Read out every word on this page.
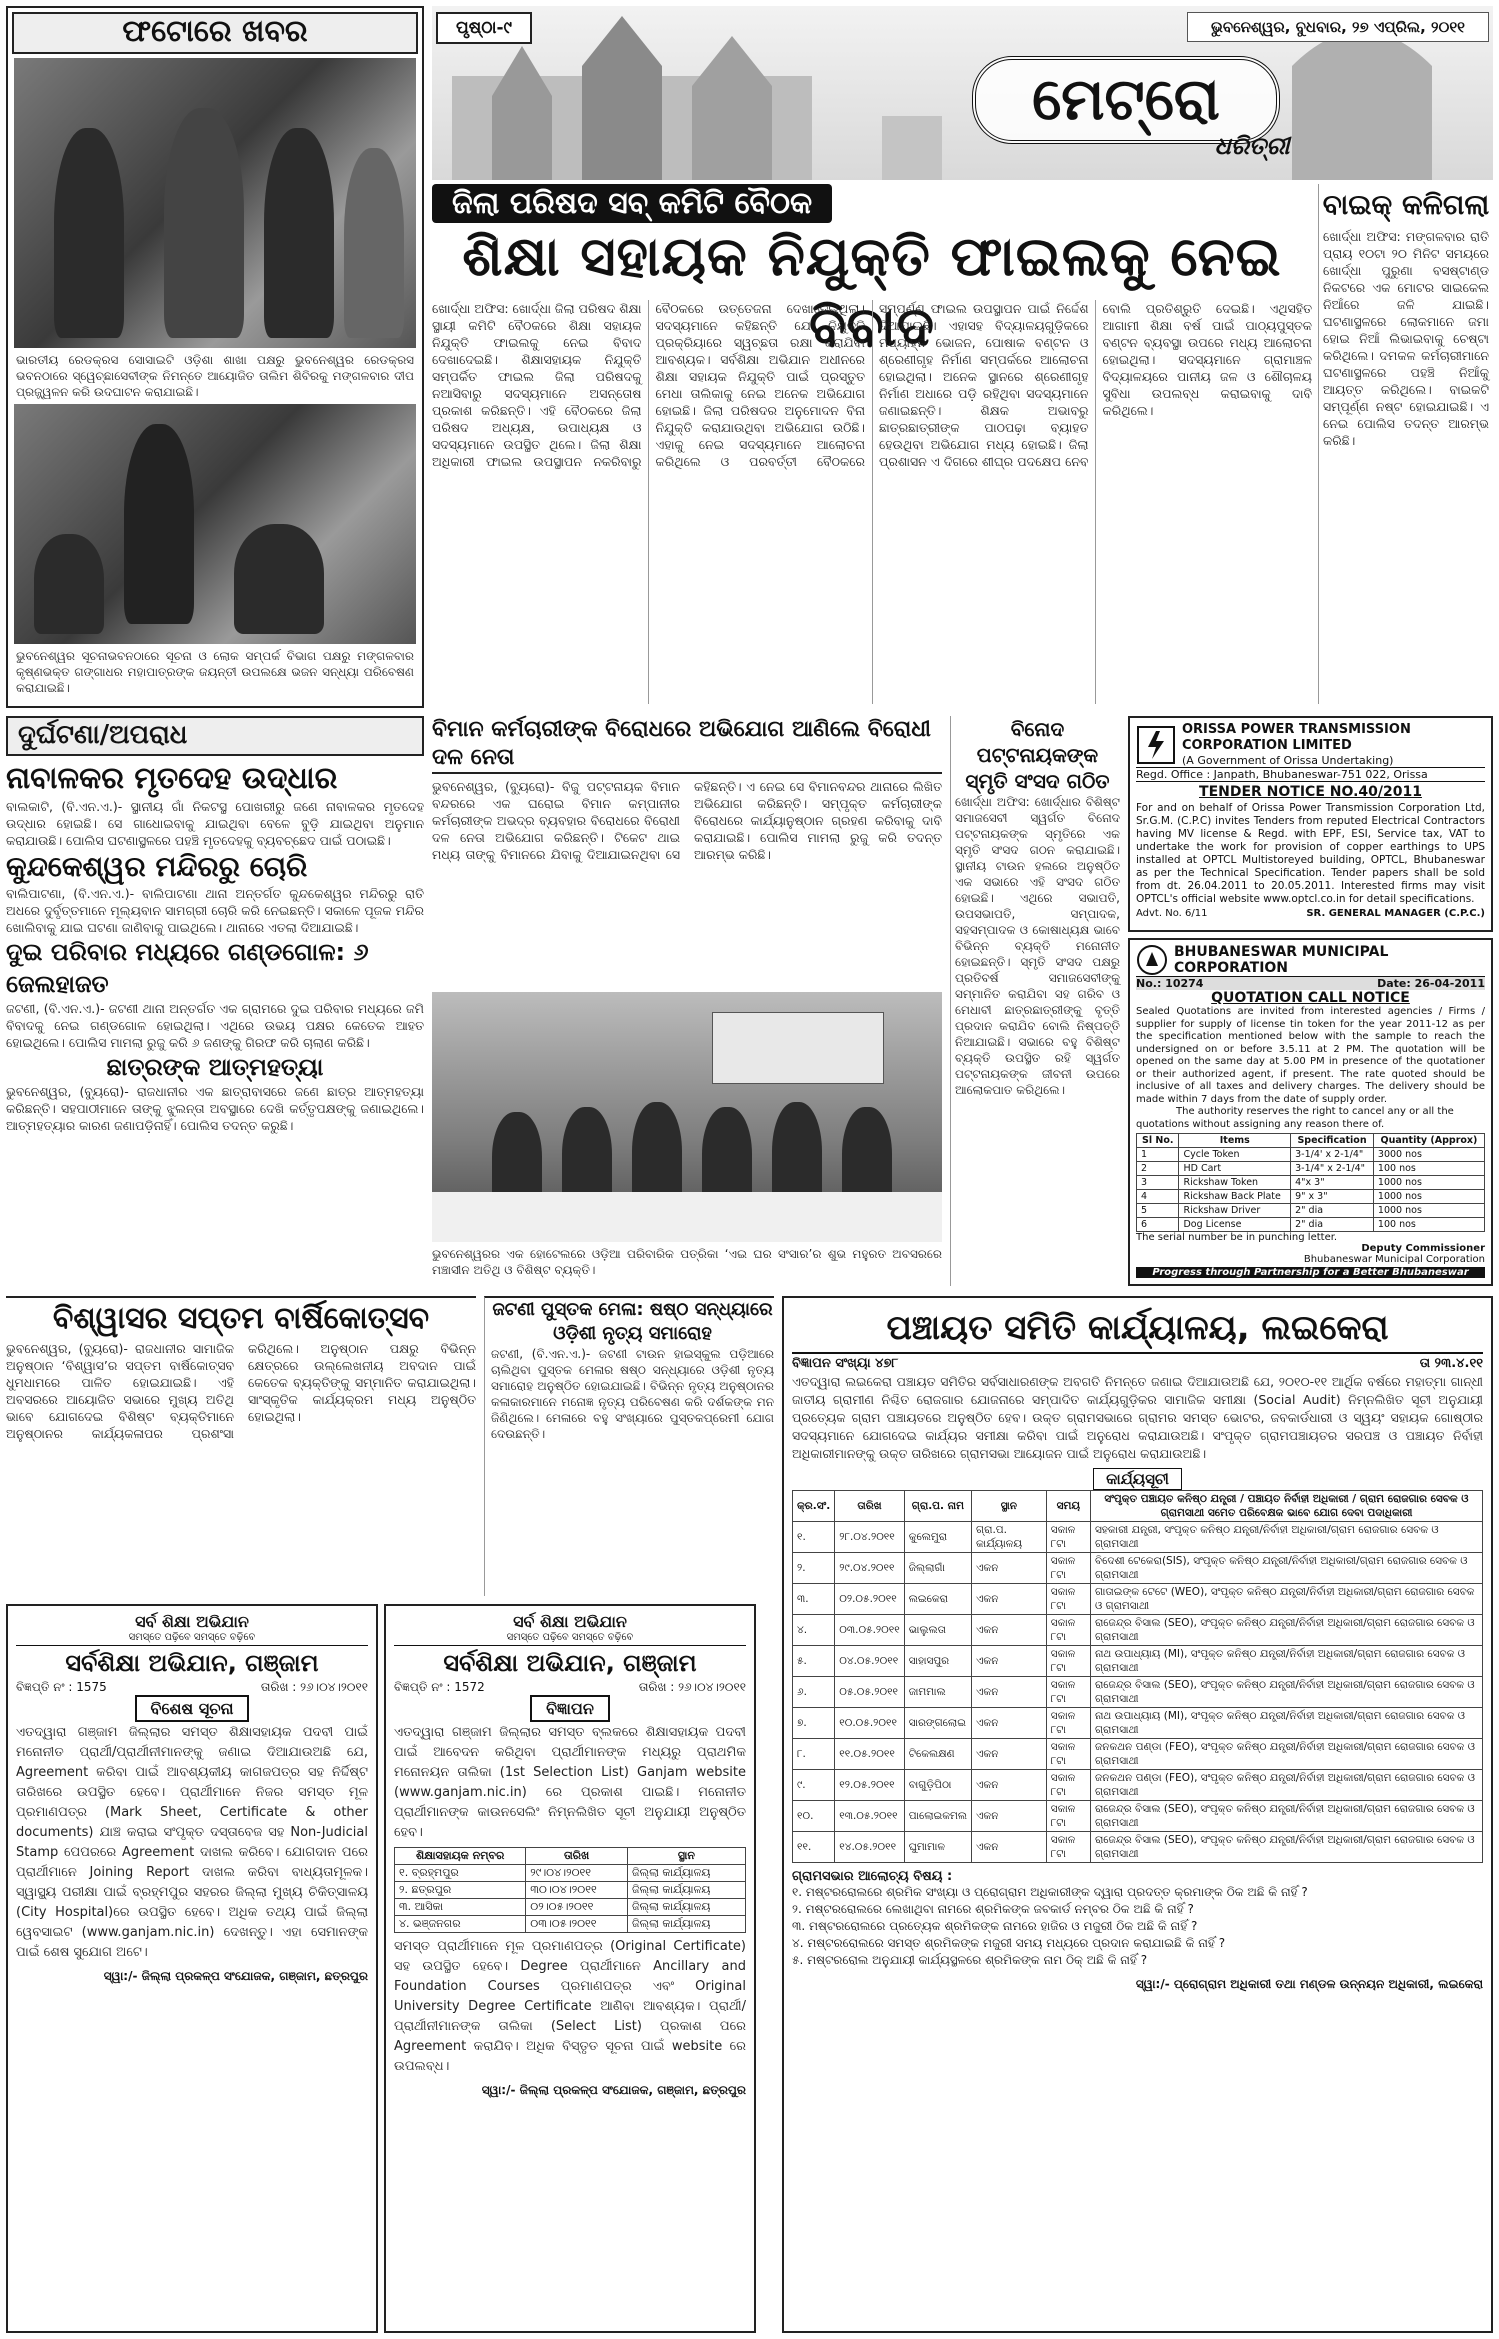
ଫଟୋରେ ଖବର
ଭାରତୀୟ ରେଡକ୍ରସ ସୋସାଇଟି ଓଡ଼ିଶା ଶାଖା ପକ୍ଷରୁ ଭୁବନେଶ୍ୱର ରେଡକ୍ରସ ଭବନଠାରେ ସ୍ୱେଚ୍ଛାସେବୀଙ୍କ ନିମନ୍ତେ ଆୟୋଜିତ ତାଲିମ ଶିବିରକୁ ମଙ୍ଗଳବାର ଦୀପ ପ୍ରଜ୍ଜ୍ୱଳନ କରି ଉଦଘାଟନ କରାଯାଇଛି।
ଭୁବନେଶ୍ୱର ସୂଚନାଭବନଠାରେ ସୂଚନା ଓ ଲୋକ ସମ୍ପର୍କ ବିଭାଗ ପକ୍ଷରୁ ମଙ୍ଗଳବାର କୃଷ୍ଣଭକ୍ତ ଗଙ୍ଗାଧର ମହାପାତ୍ରଙ୍କ ଜୟନ୍ତୀ ଉପଲକ୍ଷେ ଭଜନ ସନ୍ଧ୍ୟା ପରିବେଷଣ କରାଯାଇଛି।
ପୃଷ୍ଠା-୯	ଭୁବନେଶ୍ୱର, ବୁଧବାର, ୨୭ ଏପ୍ରିଲ, ୨୦୧୧
ମେଟ୍ରୋ
ଧରିତ୍ରୀ
ଜିଲା ପରିଷଦ ସବ୍ କମିଟି ବୈଠକ
ଶିକ୍ଷା ସହାୟକ ନିଯୁକ୍ତି ଫାଇଲକୁ ନେଇ ବିବାଦ
ଖୋର୍ଦ୍ଧା ଅଫିସ: ଖୋର୍ଦ୍ଧା ଜିଲା ପରିଷଦ ଶିକ୍ଷା ସ୍ଥାୟୀ କମିଟି ବୈଠକରେ ଶିକ୍ଷା ସହାୟକ ନିଯୁକ୍ତି ଫାଇଲକୁ ନେଇ ବିବାଦ ଦେଖାଦେଇଛି। ଶିକ୍ଷାସହାୟକ ନିଯୁକ୍ତି ସମ୍ପର୍କିତ ଫାଇଲ ଜିଲା ପରିଷଦକୁ ନଆସିବାରୁ ସଦସ୍ୟମାନେ ଅସନ୍ତୋଷ ପ୍ରକାଶ କରିଛନ୍ତି। ଏହି ବୈଠକରେ ଜିଲା ପରିଷଦ ଅଧ୍ୟକ୍ଷ, ଉପାଧ୍ୟକ୍ଷ ଓ ସଦସ୍ୟମାନେ ଉପସ୍ଥିତ ଥିଲେ। ଜିଲା ଶିକ୍ଷା ଅଧିକାରୀ ଫାଇଲ ଉପସ୍ଥାପନ ନକରିବାରୁ ବୈଠକରେ ଉତ୍ତେଜନା ଦେଖାଦେଇଥିଲା। ସଦସ୍ୟମାନେ କହିଛନ୍ତି ଯେ ନିଯୁକ୍ତି ପ୍ରକ୍ରିୟାରେ ସ୍ୱଚ୍ଛତା ରକ୍ଷା କରାଯିବା ଆବଶ୍ୟକ। ସର୍ବଶିକ୍ଷା ଅଭିଯାନ ଅଧୀନରେ ଶିକ୍ଷା ସହାୟକ ନିଯୁକ୍ତି ପାଇଁ ପ୍ରସ୍ତୁତ ମେଧା ତାଲିକାକୁ ନେଇ ଅନେକ ଅଭିଯୋଗ ହୋଇଛି। ଜିଲା ପରିଷଦର ଅନୁମୋଦନ ବିନା ନିଯୁକ୍ତି କରାଯାଉଥିବା ଅଭିଯୋଗ ଉଠିଛି। ଏହାକୁ ନେଇ ସଦସ୍ୟମାନେ ଆଲୋଚନା କରିଥିଲେ ଓ ପରବର୍ତ୍ତୀ ବୈଠକରେ ସମ୍ପୂର୍ଣ୍ଣ ଫାଇଲ ଉପସ୍ଥାପନ ପାଇଁ ନିର୍ଦ୍ଦେଶ ଦିଆଯାଇଛି। ଏହାସହ ବିଦ୍ୟାଳୟଗୁଡ଼ିକରେ ମଧ୍ୟାହ୍ନ ଭୋଜନ, ପୋଷାକ ବଣ୍ଟନ ଓ ଶ୍ରେଣୀଗୃହ ନିର୍ମାଣ ସମ୍ପର୍କରେ ଆଲୋଚନା ହୋଇଥିଲା। ଅନେକ ସ୍ଥାନରେ ଶ୍ରେଣୀଗୃହ ନିର୍ମାଣ ଅଧାରେ ପଡ଼ି ରହିଥିବା ସଦସ୍ୟମାନେ ଜଣାଇଛନ୍ତି। ଶିକ୍ଷକ ଅଭାବରୁ ଛାତ୍ରଛାତ୍ରୀଙ୍କ ପାଠପଢ଼ା ବ୍ୟାହତ ହେଉଥିବା ଅଭିଯୋଗ ମଧ୍ୟ ହୋଇଛି। ଜିଲା ପ୍ରଶାସନ ଏ ଦିଗରେ ଶୀଘ୍ର ପଦକ୍ଷେପ ନେବ ବୋଲି ପ୍ରତିଶ୍ରୁତି ଦେଇଛି। ଏଥିସହିତ ଆଗାମୀ ଶିକ୍ଷା ବର୍ଷ ପାଇଁ ପାଠ୍ୟପୁସ୍ତକ ବଣ୍ଟନ ବ୍ୟବସ୍ଥା ଉପରେ ମଧ୍ୟ ଆଲୋଚନା ହୋଇଥିଲା। ସଦସ୍ୟମାନେ ଗ୍ରାମାଞ୍ଚଳ ବିଦ୍ୟାଳୟରେ ପାନୀୟ ଜଳ ଓ ଶୌଚାଳୟ ସୁବିଧା ଉପଲବ୍ଧ କରାଇବାକୁ ଦାବି କରିଥିଲେ।
ବାଇକ୍ କଳିଗଲା
ଖୋର୍ଦ୍ଧା ଅଫିସ: ମଙ୍ଗଳବାର ରାତି ପ୍ରାୟ ୧୦ଟା ୨୦ ମିନିଟ ସମୟରେ ଖୋର୍ଦ୍ଧା ପୁରୁଣା ବସଷ୍ଟାଣ୍ଡ ନିକଟରେ ଏକ ମୋଟର ସାଇକେଲ ନିଆଁରେ ଜଳି ଯାଇଛି। ଘଟଣାସ୍ଥଳରେ ଲୋକମାନେ ଜମା ହୋଇ ନିଆଁ ଲିଭାଇବାକୁ ଚେଷ୍ଟା କରିଥିଲେ। ଦମକଳ କର୍ମଚାରୀମାନେ ଘଟଣାସ୍ଥଳରେ ପହଞ୍ଚି ନିଆଁକୁ ଆୟତ୍ତ କରିଥିଲେ। ବାଇକଟି ସମ୍ପୂର୍ଣ୍ଣ ନଷ୍ଟ ହୋଇଯାଇଛି। ଏ ନେଇ ପୋଲିସ ତଦନ୍ତ ଆରମ୍ଭ କରିଛି।
ଦୁର୍ଘଟଣା/ଅପରାଧ
ନାବାଳକର ମୃତଦେହ ଉଦ୍ଧାର
ବାଲକାଟି, (ବି.ଏନ.ଏ.)- ସ୍ଥାନୀୟ ଗାଁ ନିକଟସ୍ଥ ପୋଖରୀରୁ ଜଣେ ନାବାଳକର ମୃତଦେହ ଉଦ୍ଧାର ହୋଇଛି। ସେ ଗାଧୋଇବାକୁ ଯାଇଥିବା ବେଳେ ବୁଡ଼ି ଯାଇଥିବା ଅନୁମାନ କରାଯାଉଛି। ପୋଲିସ ଘଟଣାସ୍ଥଳରେ ପହଞ୍ଚି ମୃତଦେହକୁ ବ୍ୟବଚ୍ଛେଦ ପାଇଁ ପଠାଇଛି।
କୁନ୍ଦକେଶ୍ୱର ମନ୍ଦିରରୁ ଚୋରି
ବାଲିପାଟଣା, (ବି.ଏନ.ଏ.)- ବାଲିପାଟଣା ଥାନା ଅନ୍ତର୍ଗତ କୁନ୍ଦକେଶ୍ୱର ମନ୍ଦିରରୁ ରାତି ଅଧରେ ଦୁର୍ବୃତ୍ତମାନେ ମୂଲ୍ୟବାନ ସାମଗ୍ରୀ ଚୋରି କରି ନେଇଛନ୍ତି। ସକାଳେ ପୂଜକ ମନ୍ଦିର ଖୋଲିବାକୁ ଯାଇ ଘଟଣା ଜାଣିବାକୁ ପାଇଥିଲେ। ଥାନାରେ ଏତଲା ଦିଆଯାଇଛି।
ଦୁଇ ପରିବାର ମଧ୍ୟରେ ଗଣ୍ଡଗୋଳ: ୬ ଜେଲହାଜତ
ଜଟଣୀ, (ବି.ଏନ.ଏ.)- ଜଟଣୀ ଥାନା ଅନ୍ତର୍ଗତ ଏକ ଗ୍ରାମରେ ଦୁଇ ପରିବାର ମଧ୍ୟରେ ଜମି ବିବାଦକୁ ନେଇ ଗଣ୍ଡଗୋଳ ହୋଇଥିଲା। ଏଥିରେ ଉଭୟ ପକ୍ଷର କେତେକ ଆହତ ହୋଇଥିଲେ। ପୋଲିସ ମାମଲା ରୁଜୁ କରି ୬ ଜଣଙ୍କୁ ଗିରଫ କରି ଚାଲାଣ କରିଛି।
ଛାତ୍ରଙ୍କ ଆତ୍ମହତ୍ୟା
ଭୁବନେଶ୍ୱର, (ବୁ୍ୟରୋ)- ରାଜଧାନୀର ଏକ ଛାତ୍ରାବାସରେ ଜଣେ ଛାତ୍ର ଆତ୍ମହତ୍ୟା କରିଛନ୍ତି। ସହପାଠୀମାନେ ତାଙ୍କୁ ଝୁଲନ୍ତା ଅବସ୍ଥାରେ ଦେଖି କର୍ତ୍ତୃପକ୍ଷଙ୍କୁ ଜଣାଇଥିଲେ। ଆତ୍ମହତ୍ୟାର କାରଣ ଜଣାପଡ଼ିନାହିଁ। ପୋଲିସ ତଦନ୍ତ କରୁଛି।
ବିମାନ କର୍ମଚାରୀଙ୍କ ବିରୋଧରେ ଅଭିଯୋଗ ଆଣିଲେ ବିରୋଧୀ ଦଳ ନେତା
ଭୁବନେଶ୍ୱର, (ବୁ୍ୟରୋ)- ବିଜୁ ପଟ୍ଟନାୟକ ବିମାନ ବନ୍ଦରରେ ଏକ ଘରୋଇ ବିମାନ କମ୍ପାନୀର କର୍ମଚାରୀଙ୍କ ଅଭଦ୍ର ବ୍ୟବହାର ବିରୋଧରେ ବିରୋଧୀ ଦଳ ନେତା ଅଭିଯୋଗ କରିଛନ୍ତି। ଟିକେଟ ଥାଇ ମଧ୍ୟ ତାଙ୍କୁ ବିମାନରେ ଯିବାକୁ ଦିଆଯାଇନଥିବା ସେ କହିଛନ୍ତି। ଏ ନେଇ ସେ ବିମାନବନ୍ଦର ଥାନାରେ ଲିଖିତ ଅଭିଯୋଗ କରିଛନ୍ତି। ସମ୍ପୃକ୍ତ କର୍ମଚାରୀଙ୍କ ବିରୋଧରେ କାର୍ଯ୍ୟାନୁଷ୍ଠାନ ଗ୍ରହଣ କରିବାକୁ ଦାବି କରାଯାଇଛି। ପୋଲିସ ମାମଲା ରୁଜୁ କରି ତଦନ୍ତ ଆରମ୍ଭ କରିଛି।
ଭୁବନେଶ୍ୱରର ଏକ ହୋଟେଲରେ ଓଡ଼ିଆ ପରିବାରିକ ପତ୍ରିକା ‘ଏଇ ଘର ସଂସାର’ର ଶୁଭ ମହୁରତ ଅବସରରେ ମଞ୍ଚାସୀନ ଅତିଥି ଓ ବିଶିଷ୍ଟ ବ୍ୟକ୍ତି।
ବିନୋଦ ପଟ୍ଟନାୟକଙ୍କ ସ୍ମୃତି ସଂସଦ ଗଠିତ
ଖୋର୍ଦ୍ଧା ଅଫିସ: ଖୋର୍ଦ୍ଧାର ବିଶିଷ୍ଟ ସମାଜସେବୀ ସ୍ୱର୍ଗତ ବିନୋଦ ପଟ୍ଟନାୟକଙ୍କ ସ୍ମୃତିରେ ଏକ ସ୍ମୃତି ସଂସଦ ଗଠନ କରାଯାଇଛି। ସ୍ଥାନୀୟ ଟାଉନ ହଲରେ ଅନୁଷ୍ଠିତ ଏକ ସଭାରେ ଏହି ସଂସଦ ଗଠିତ ହୋଇଛି। ଏଥିରେ ସଭାପତି, ଉପସଭାପତି, ସମ୍ପାଦକ, ସହସମ୍ପାଦକ ଓ କୋଷାଧ୍ୟକ୍ଷ ଭାବେ ବିଭିନ୍ନ ବ୍ୟକ୍ତି ମନୋନୀତ ହୋଇଛନ୍ତି। ସ୍ମୃତି ସଂସଦ ପକ୍ଷରୁ ପ୍ରତିବର୍ଷ ସମାଜସେବୀଙ୍କୁ ସମ୍ମାନିତ କରାଯିବା ସହ ଗରିବ ଓ ମେଧାବୀ ଛାତ୍ରଛାତ୍ରୀଙ୍କୁ ବୃତ୍ତି ପ୍ରଦାନ କରାଯିବ ବୋଲି ନିଷ୍ପତ୍ତି ନିଆଯାଇଛି। ସଭାରେ ବହୁ ବିଶିଷ୍ଟ ବ୍ୟକ୍ତି ଉପସ୍ଥିତ ରହି ସ୍ୱର୍ଗତ ପଟ୍ଟନାୟକଙ୍କ ଜୀବନୀ ଉପରେ ଆଲୋକପାତ କରିଥିଲେ।
ORISSA POWER TRANSMISSION CORPORATION LIMITED
(A Government of Orissa Undertaking)
Regd. Office : Janpath, Bhubaneswar-751 022, Orissa
TENDER NOTICE NO.40/2011
For and on behalf of Orissa Power Transmission Corporation Ltd, Sr.G.M. (C.P.C) invites Tenders from reputed Electrical Contractors having MV license & Regd. with EPF, ESI, Service tax, VAT to undertake the work for provision of copper earthings to UPS installed at OPTCL Multistoreyed building, OPTCL, Bhubaneswar as per the Technical Specification. Tender papers shall be sold from dt. 26.04.2011 to 20.05.2011. Interested firms may visit OPTCL's official website www.optcl.co.in for detail specifications.
Advt. No. 6/11	SR. GENERAL MANAGER (C.P.C.)
BHUBANESWAR MUNICIPAL CORPORATION
No.: 10274	Date: 26-04-2011
QUOTATION CALL NOTICE
Sealed Quotations are invited from interested agencies / Firms / supplier for supply of license tin token for the year 2011-12 as per the specification mentioned below with the sample to reach the undersigned on or before 3.5.11 at 2 PM. The quotation will be opened on the same day at 5.00 PM in presence of the quotationer or their authorized agent, if present. The rate quoted should be inclusive of all taxes and delivery charges. The delivery should be made within 7 days from the date of supply order.
The authority reserves the right to cancel any or all the quotations without assigning any reason there of.
Sl No.	Items	Specification	Quantity (Approx)
1	Cycle Token	3-1/4' x 2-1/4"	3000 nos
2	HD Cart	3-1/4" x 2-1/4"	100 nos
3	Rickshaw Token	4"x 3"	1000 nos
4	Rickshaw Back Plate	9" x 3"	1000 nos
5	Rickshaw Driver	2" dia	1000 nos
6	Dog License	2" dia	100 nos
The serial number be in punching letter.
Deputy Commissioner
Bhubaneswar Municipal Corporation
Progress through Partnership for a Better Bhubaneswar
ବିଶ୍ୱାସର ସପ୍ତମ ବାର୍ଷିକୋତ୍ସବ
ଭୁବନେଶ୍ୱର, (ବୁ୍ୟରୋ)- ରାଜଧାନୀର ସାମାଜିକ ଅନୁଷ୍ଠାନ ‘ବିଶ୍ୱାସ’ର ସପ୍ତମ ବାର୍ଷିକୋତ୍ସବ ଧୁମଧାମରେ ପାଳିତ ହୋଇଯାଇଛି। ଏହି ଅବସରରେ ଆୟୋଜିତ ସଭାରେ ମୁଖ୍ୟ ଅତିଥି ଭାବେ ଯୋଗଦେଇ ବିଶିଷ୍ଟ ବ୍ୟକ୍ତିମାନେ ଅନୁଷ୍ଠାନର କାର୍ଯ୍ୟକଳାପର ପ୍ରଶଂସା କରିଥିଲେ। ଅନୁଷ୍ଠାନ ପକ୍ଷରୁ ବିଭିନ୍ନ କ୍ଷେତ୍ରରେ ଉଲ୍ଲେଖନୀୟ ଅବଦାନ ପାଇଁ କେତେକ ବ୍ୟକ୍ତିଙ୍କୁ ସମ୍ମାନିତ କରାଯାଇଥିଲା। ସାଂସ୍କୃତିକ କାର୍ଯ୍ୟକ୍ରମ ମଧ୍ୟ ଅନୁଷ୍ଠିତ ହୋଇଥିଲା।
ଜଟଣୀ ପୁସ୍ତକ ମେଳା: ଷଷ୍ଠ ସନ୍ଧ୍ୟାରେ ଓଡ଼ିଶୀ ନୃତ୍ୟ ସମାରୋହ
ଜଟଣୀ, (ବି.ଏନ.ଏ.)- ଜଟଣୀ ଟାଉନ ହାଇସ୍କୁଲ ପଡ଼ିଆରେ ଚାଲିଥିବା ପୁସ୍ତକ ମେଳାର ଷଷ୍ଠ ସନ୍ଧ୍ୟାରେ ଓଡ଼ିଶୀ ନୃତ୍ୟ ସମାରୋହ ଅନୁଷ୍ଠିତ ହୋଇଯାଇଛି। ବିଭିନ୍ନ ନୃତ୍ୟ ଅନୁଷ୍ଠାନର କଳାକାରମାନେ ମନୋଜ୍ଞ ନୃତ୍ୟ ପରିବେଷଣ କରି ଦର୍ଶକଙ୍କ ମନ ଜିଣିଥିଲେ। ମେଳାରେ ବହୁ ସଂଖ୍ୟାରେ ପୁସ୍ତକପ୍ରେମୀ ଯୋଗ ଦେଉଛନ୍ତି।
ସର୍ବ ଶିକ୍ଷା ଅଭିଯାନ
ସମସ୍ତେ ପଢ଼ିବେ ସମସ୍ତେ ବଢ଼ିବେ
ସର୍ବଶିକ୍ଷା ଅଭିଯାନ, ଗଞ୍ଜାମ
ବିଜ୍ଞପ୍ତି ନଂ : 1575	ତାରିଖ : ୨୬।୦୪।୨୦୧୧
ବିଶେଷ ସୂଚନା
ଏତଦ୍ୱାରା ଗଞ୍ଜାମ ଜିଲ୍ଲାର ସମସ୍ତ ଶିକ୍ଷାସହାୟକ ପଦବୀ ପାଇଁ ମନୋନୀତ ପ୍ରାର୍ଥୀ/ପ୍ରାର୍ଥୀନୀମାନଙ୍କୁ ଜଣାଇ ଦିଆଯାଉଅଛି ଯେ, Agreement କରିବା ପାଇଁ ଆବଶ୍ୟକୀୟ କାଗଜପତ୍ର ସହ ନିର୍ଦ୍ଦିଷ୍ଟ ତାରିଖରେ ଉପସ୍ଥିତ ହେବେ। ପ୍ରାର୍ଥୀମାନେ ନିଜର ସମସ୍ତ ମୂଳ ପ୍ରମାଣପତ୍ର (Mark Sheet, Certificate & other documents) ଯାଞ୍ଚ କରାଇ ସଂପୃକ୍ତ ଦସ୍ତାବେଜ ସହ Non-Judicial Stamp ପେପରରେ Agreement ଦାଖଲ କରିବେ। ଯୋଗଦାନ ପରେ ପ୍ରାର୍ଥୀମାନେ Joining Report ଦାଖଲ କରିବା ବାଧ୍ୟତାମୂଳକ। ସ୍ୱାସ୍ଥ୍ୟ ପରୀକ୍ଷା ପାଇଁ ବ୍ରହ୍ମପୁର ସହରର ଜିଲ୍ଲା ମୁଖ୍ୟ ଚିକିତ୍ସାଳୟ (City Hospital)ରେ ଉପସ୍ଥିତ ହେବେ। ଅଧିକ ତଥ୍ୟ ପାଇଁ ଜିଲ୍ଲା ୱେବସାଇଟ (www.ganjam.nic.in) ଦେଖନ୍ତୁ। ଏହା ସେମାନଙ୍କ ପାଇଁ ଶେଷ ସୁଯୋଗ ଅଟେ।
ସ୍ୱା:/- ଜିଲ୍ଲା ପ୍ରକଳ୍ପ ସଂଯୋଜକ, ଗଞ୍ଜାମ, ଛତ୍ରପୁର
ସର୍ବ ଶିକ୍ଷା ଅଭିଯାନ
ସମସ୍ତେ ପଢ଼ିବେ ସମସ୍ତେ ବଢ଼ିବେ
ସର୍ବଶିକ୍ଷା ଅଭିଯାନ, ଗଞ୍ଜାମ
ବିଜ୍ଞପ୍ତି ନଂ : 1572	ତାରିଖ : ୨୬।୦୪।୨୦୧୧
ବିଜ୍ଞାପନ
ଏତଦ୍ୱାରା ଗଞ୍ଜାମ ଜିଲ୍ଲାର ସମସ୍ତ ବ୍ଲକରେ ଶିକ୍ଷାସହାୟକ ପଦବୀ ପାଇଁ ଆବେଦନ କରିଥିବା ପ୍ରାର୍ଥୀମାନଙ୍କ ମଧ୍ୟରୁ ପ୍ରାଥମିକ ମନୋନୟନ ତାଲିକା (1st Selection List) Ganjam website (www.ganjam.nic.in) ରେ ପ୍ରକାଶ ପାଇଛି। ମନୋନୀତ ପ୍ରାର୍ଥୀମାନଙ୍କ କାଉନସେଲିଂ ନିମ୍ନଲିଖିତ ସୂଚୀ ଅନୁଯାୟୀ ଅନୁଷ୍ଠିତ ହେବ।
ଶିକ୍ଷାସହାୟକ ନମ୍ବର	ତାରିଖ	ସ୍ଥାନ
୧. ବ୍ରହ୍ମପୁର	୨୯।୦୪।୨୦୧୧	ଜିଲ୍ଲା କାର୍ଯ୍ୟାଳୟ
୨. ଛତ୍ରପୁର	୩୦।୦୪।୨୦୧୧	ଜିଲ୍ଲା କାର୍ଯ୍ୟାଳୟ
୩. ଆସିକା	୦୨।୦୫।୨୦୧୧	ଜିଲ୍ଲା କାର୍ଯ୍ୟାଳୟ
୪. ଭଞ୍ଜନଗର	୦୩।୦୫।୨୦୧୧	ଜିଲ୍ଲା କାର୍ଯ୍ୟାଳୟ
ସମସ୍ତ ପ୍ରାର୍ଥୀମାନେ ମୂଳ ପ୍ରମାଣପତ୍ର (Original Certificate) ସହ ଉପସ୍ଥିତ ହେବେ। Degree ପ୍ରାର୍ଥୀମାନେ Ancillary and Foundation Courses ପ୍ରମାଣପତ୍ର ଏବଂ Original University Degree Certificate ଆଣିବା ଆବଶ୍ୟକ। ପ୍ରାର୍ଥୀ/ପ୍ରାର୍ଥୀନୀମାନଙ୍କ ତାଲିକା (Select List) ପ୍ରକାଶ ପରେ Agreement କରାଯିବ। ଅଧିକ ବିସ୍ତୃତ ସୂଚନା ପାଇଁ website ରେ ଉପଲବ୍ଧ।
ସ୍ୱା:/- ଜିଲ୍ଲା ପ୍ରକଳ୍ପ ସଂଯୋଜକ, ଗଞ୍ଜାମ, ଛତ୍ରପୁର
ପଞ୍ଚାୟତ ସମିତି କାର୍ଯ୍ୟାଳୟ, ଲଇକେରା
ବିଜ୍ଞାପନ ସଂଖ୍ୟା ୪୭୮	ତା ୨୩.୪.୧୧
ଏତଦ୍ୱାରା ଲଇକେରା ପଞ୍ଚାୟତ ସମିତିର ସର୍ବସାଧାରଣଙ୍କ ଅବଗତି ନିମନ୍ତେ ଜଣାଇ ଦିଆଯାଉଅଛି ଯେ, ୨୦୧୦-୧୧ ଆର୍ଥିକ ବର୍ଷରେ ମହାତ୍ମା ଗାନ୍ଧୀ ଜାତୀୟ ଗ୍ରାମୀଣ ନିଶ୍ଚିତ ରୋଜଗାର ଯୋଜନାରେ ସମ୍ପାଦିତ କାର୍ଯ୍ୟଗୁଡ଼ିକର ସାମାଜିକ ସମୀକ୍ଷା (Social Audit) ନିମ୍ନଲିଖିତ ସୂଚୀ ଅନୁଯାୟୀ ପ୍ରତ୍ୟେକ ଗ୍ରାମ ପଞ୍ଚାୟତରେ ଅନୁଷ୍ଠିତ ହେବ। ଉକ୍ତ ଗ୍ରାମସଭାରେ ଗ୍ରାମର ସମସ୍ତ ଭୋଟର, ଜବକାର୍ଡଧାରୀ ଓ ସ୍ୱୟଂ ସହାୟକ ଗୋଷ୍ଠୀର ସଦସ୍ୟମାନେ ଯୋଗଦେଇ କାର୍ଯ୍ୟର ସମୀକ୍ଷା କରିବା ପାଇଁ ଅନୁରୋଧ କରାଯାଉଅଛି। ସଂପୃକ୍ତ ଗ୍ରାମପଞ୍ଚାୟତର ସରପଞ୍ଚ ଓ ପଞ୍ଚାୟତ ନିର୍ବାହୀ ଅଧିକାରୀମାନଙ୍କୁ ଉକ୍ତ ତାରିଖରେ ଗ୍ରାମସଭା ଆୟୋଜନ ପାଇଁ ଅନୁରୋଧ କରାଯାଉଅଛି।
କାର୍ଯ୍ୟସୂଚୀ
କ୍ର.ସଂ.	ତାରିଖ	ଗ୍ରା.ପ. ନାମ	ସ୍ଥାନ	ସମୟ	ସଂପୃକ୍ତ ପଞ୍ଚାୟତ କନିଷ୍ଠ ଯନ୍ତ୍ରୀ / ପଞ୍ଚାୟତ ନିର୍ବାହୀ ଅଧିକାରୀ / ଗ୍ରାମ ରୋଜଗାର ସେବକ ଓ ଗ୍ରାମସାଥୀ ସମେତ ପରିବେକ୍ଷକ ଭାବେ ଯୋଗ ଦେବା ପଦାଧିକାରୀ
୧.	୨୮.୦୪.୨୦୧୧	କୁଲେମୁରା	ଗ୍ରା.ପ. କାର୍ଯ୍ୟାଳୟ	ସକାଳ ୮ଟା	ସହକାରୀ ଯନ୍ତ୍ରୀ, ସଂପୃକ୍ତ କନିଷ୍ଠ ଯନ୍ତ୍ରୀ/ନିର୍ବାହୀ ଅଧିକାରୀ/ଗ୍ରାମ ରୋଜଗାର ସେବକ ଓ ଗ୍ରାମସାଥୀ
୨.	୨୯.୦୪.୨୦୧୧	ଜିଲ୍ଲାଗାଁ	ଏକନ	ସକାଳ ୮ଟା	ବିଦେଶୀ ଟେକେରା(SIS), ସଂପୃକ୍ତ କନିଷ୍ଠ ଯନ୍ତ୍ରୀ/ନିର୍ବାହୀ ଅଧିକାରୀ/ଗ୍ରାମ ରୋଜଗାର ସେବକ ଓ ଗ୍ରାମସାଥୀ
୩.	୦୨.୦୫.୨୦୧୧	ଲଇକେରା	ଏକନ	ସକାଳ ୮ଟା	ଗାତାଇଙ୍କ ଟେଟେ (WEO), ସଂପୃକ୍ତ କନିଷ୍ଠ ଯନ୍ତ୍ରୀ/ନିର୍ବାହୀ ଅଧିକାରୀ/ଗ୍ରାମ ରୋଜଗାର ସେବକ ଓ ଗ୍ରାମସାଥୀ
୪.	୦୩.୦୫.୨୦୧୧	ଭାଲୁଲତା	ଏକନ	ସକାଳ ୮ଟା	ରାଜେନ୍ଦ୍ର ବିସାଲ (SEO), ସଂପୃକ୍ତ କନିଷ୍ଠ ଯନ୍ତ୍ରୀ/ନିର୍ବାହୀ ଅଧିକାରୀ/ଗ୍ରାମ ରୋଜଗାର ସେବକ ଓ ଗ୍ରାମସାଥୀ
୫.	୦୪.୦୫.୨୦୧୧	ସାହାସପୁର	ଏକନ	ସକାଳ ୮ଟା	ନାଥ ଉପାଧ୍ୟାୟ (MI), ସଂପୃକ୍ତ କନିଷ୍ଠ ଯନ୍ତ୍ରୀ/ନିର୍ବାହୀ ଅଧିକାରୀ/ଗ୍ରାମ ରୋଜଗାର ସେବକ ଓ ଗ୍ରାମସାଥୀ
୬.	୦୫.୦୫.୨୦୧୧	ଜାମମାଲ	ଏକନ	ସକାଳ ୮ଟା	ରାଜେନ୍ଦ୍ର ବିସାଲ (SEO), ସଂପୃକ୍ତ କନିଷ୍ଠ ଯନ୍ତ୍ରୀ/ନିର୍ବାହୀ ଅଧିକାରୀ/ଗ୍ରାମ ରୋଜଗାର ସେବକ ଓ ଗ୍ରାମସାଥୀ
୭.	୧୦.୦୫.୨୦୧୧	ସାରଙ୍ଗଲୋଇ	ଏକନ	ସକାଳ ୮ଟା	ନାଥ ଉପାଧ୍ୟାୟ (MI), ସଂପୃକ୍ତ କନିଷ୍ଠ ଯନ୍ତ୍ରୀ/ନିର୍ବାହୀ ଅଧିକାରୀ/ଗ୍ରାମ ରୋଜଗାର ସେବକ ଓ ଗ୍ରାମସାଥୀ
୮.	୧୧.୦୫.୨୦୧୧	ଟିକେଲକ୍ଷଣ	ଏକନ	ସକାଳ ୮ଟା	ଜନକଥନ ପଣ୍ଡା (FEO), ସଂପୃକ୍ତ କନିଷ୍ଠ ଯନ୍ତ୍ରୀ/ନିର୍ବାହୀ ଅଧିକାରୀ/ଗ୍ରାମ ରୋଜଗାର ସେବକ ଓ ଗ୍ରାମସାଥୀ
୯.	୧୨.୦୫.୨୦୧୧	ବାଗୁଡ଼ିପିଠା	ଏକନ	ସକାଳ ୮ଟା	ଜନକଥନ ପଣ୍ଡା (FEO), ସଂପୃକ୍ତ କନିଷ୍ଠ ଯନ୍ତ୍ରୀ/ନିର୍ବାହୀ ଅଧିକାରୀ/ଗ୍ରାମ ରୋଜଗାର ସେବକ ଓ ଗ୍ରାମସାଥୀ
୧୦.	୧୩.୦୫.୨୦୧୧	ପାଲୋଇକମଲ	ଏକନ	ସକାଳ ୮ଟା	ରାଜେନ୍ଦ୍ର ବିସାଲ (SEO), ସଂପୃକ୍ତ କନିଷ୍ଠ ଯନ୍ତ୍ରୀ/ନିର୍ବାହୀ ଅଧିକାରୀ/ଗ୍ରାମ ରୋଜଗାର ସେବକ ଓ ଗ୍ରାମସାଥୀ
୧୧.	୧୪.୦୫.୨୦୧୧	ଘୁମାମାଳ	ଏକନ	ସକାଳ ୮ଟା	ରାଜେନ୍ଦ୍ର ବିସାଲ (SEO), ସଂପୃକ୍ତ କନିଷ୍ଠ ଯନ୍ତ୍ରୀ/ନିର୍ବାହୀ ଅଧିକାରୀ/ଗ୍ରାମ ରୋଜଗାର ସେବକ ଓ ଗ୍ରାମସାଥୀ
ଗ୍ରାମସଭାର ଆଲୋଚ୍ୟ ବିଷୟ :
୧. ମଷ୍ଟରରୋଲରେ ଶ୍ରମିକ ସଂଖ୍ୟା ଓ ପ୍ରୋଗ୍ରାମ ଅଧିକାରୀଙ୍କ ଦ୍ୱାରା ପ୍ରଦତ୍ତ କ୍ରମାଙ୍କ ଠିକ ଅଛି କି ନାହିଁ ?
୨. ମଷ୍ଟରରୋଲରେ ଲେଖାଥିବା ନାମରେ ଶ୍ରମିକଙ୍କ ଜବକାର୍ଡ ନମ୍ବର ଠିକ ଅଛି କି ନାହିଁ ?
୩. ମଷ୍ଟରରୋଲରେ ପ୍ରତ୍ୟେକ ଶ୍ରମିକଙ୍କ ନାମରେ ହାଜିର ଓ ମଜୁରୀ ଠିକ ଅଛି କି ନାହିଁ ?
୪. ମଷ୍ଟରରୋଲରେ ସମସ୍ତ ଶ୍ରମିକଙ୍କ ମଜୁରୀ ସମୟ ମଧ୍ୟରେ ପ୍ରଦାନ କରାଯାଇଛି କି ନାହିଁ ?
୫. ମଷ୍ଟରରୋଲ ଅନୁଯାୟୀ କାର୍ଯ୍ୟସ୍ଥଳରେ ଶ୍ରମିକଙ୍କ ନାମ ଠିକ୍ ଅଛି କି ନାହିଁ ?
ସ୍ୱା:/- ପ୍ରୋଗ୍ରାମ ଅଧିକାରୀ ତଥା ମଣ୍ଡଳ ଉନ୍ନୟନ ଅଧିକାରୀ, ଲଇକେରା
